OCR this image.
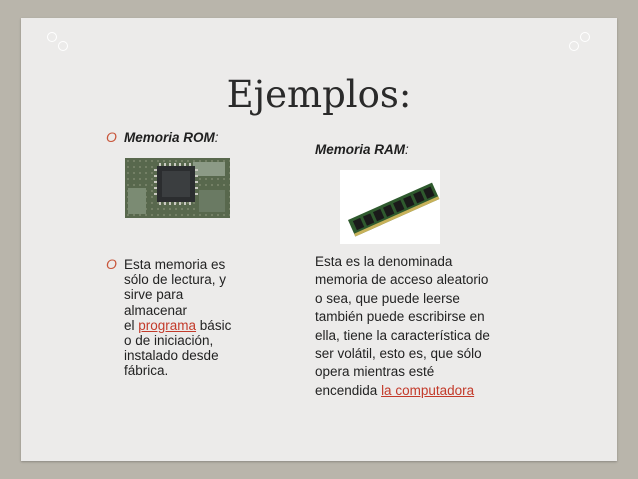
Ejemplos:
O Memoria ROM:
O Esta memoria es
sólo de lectura, y
sirve para
almacenar
el programa básic
o de iniciación,
instalado desde
fábrica.
Memoria RAM:
Esta es la denominada
memoria de acceso aleatorio
o sea, que puede leerse
también puede escribirse en
ella, tiene la característica de
ser volátil, esto es, que sólo
opera mientras esté
encendida la computadora
